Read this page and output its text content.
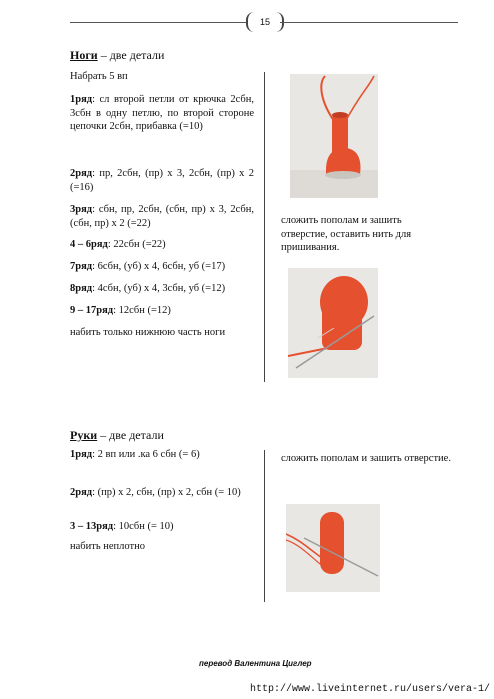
15
Ноги – две детали
Набрать 5 вп
1ряд: сл второй петли от крючка 2сбн, 3сбн в одну петлю, по второй стороне цепочки 2сбн, прибавка (=10)
2ряд: пр, 2сбн, (пр) х 3, 2сбн, (пр) х 2 (=16)
3ряд: сбн, пр, 2сбн, (сбн, пр) х 3, 2сбн,(сбн, пр) х 2 (=22)
4 – 6ряд: 22сбн (=22)
7ряд: 6сбн, (уб) х 4, 6сбн, уб (=17)
8ряд: 4сбн, (уб) х 4, 3сбн, уб (=12)
9 – 17ряд: 12сбн (=12)
набить только нижнюю часть ноги
сложить пополам и зашить отверстие, оставить нить для пришивания.
Руки – две детали
1ряд: 2 вп или .ка 6 сбн (= 6)
2ряд: (пр) х 2, сбн, (пр) х 2, сбн (= 10)
3 – 13ряд: 10сбн (= 10)
набить неплотно
сложить пополам и зашить отверстие.
перевод Валентина Циглер
http://www.liveinternet.ru/users/vera-1/
